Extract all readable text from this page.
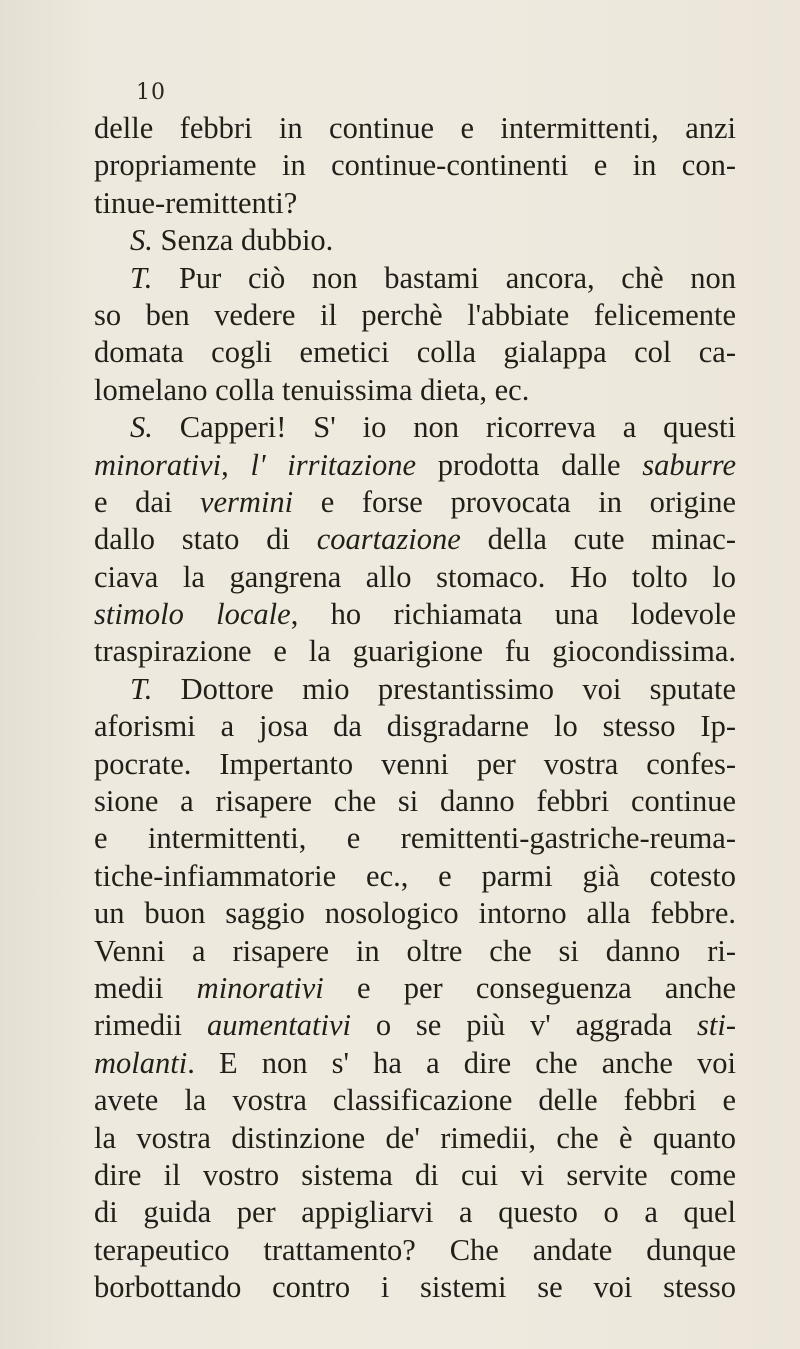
10
delle febbri in continue e intermittenti, anzi
propriamente in continue-continenti e in con-
tinue-remittenti?
S. Senza dubbio.
T. Pur ciò non bastami ancora, chè non
so ben vedere il perchè l'abbiate felicemente
domata cogli emetici colla gialappa col ca-
lomelano colla tenuissima dieta, ec.
S. Capperi! S' io non ricorreva a questi
minorativi, l' irritazione prodotta dalle saburre
e dai vermini e forse provocata in origine
dallo stato di coartazione della cute minac-
ciava la gangrena allo stomaco. Ho tolto lo
stimolo locale, ho richiamata una lodevole
traspirazione e la guarigione fu giocondissima.
T. Dottore mio prestantissimo voi sputate
aforismi a josa da disgradarne lo stesso Ip-
pocrate. Impertanto venni per vostra confes-
sione a risapere che si danno febbri continue
e intermittenti, e remittenti-gastriche-reuma-
tiche-infiammatorie ec., e parmi già cotesto
un buon saggio nosologico intorno alla febbre.
Venni a risapere in oltre che si danno ri-
medii minorativi e per conseguenza anche
rimedii aumentativi o se più v' aggrada sti-
molanti. E non s' ha a dire che anche voi
avete la vostra classificazione delle febbri e
la vostra distinzione de' rimedii, che è quanto
dire il vostro sistema di cui vi servite come
di guida per appigliarvi a questo o a quel
terapeutico trattamento? Che andate dunque
borbottando contro i sistemi se voi stesso
